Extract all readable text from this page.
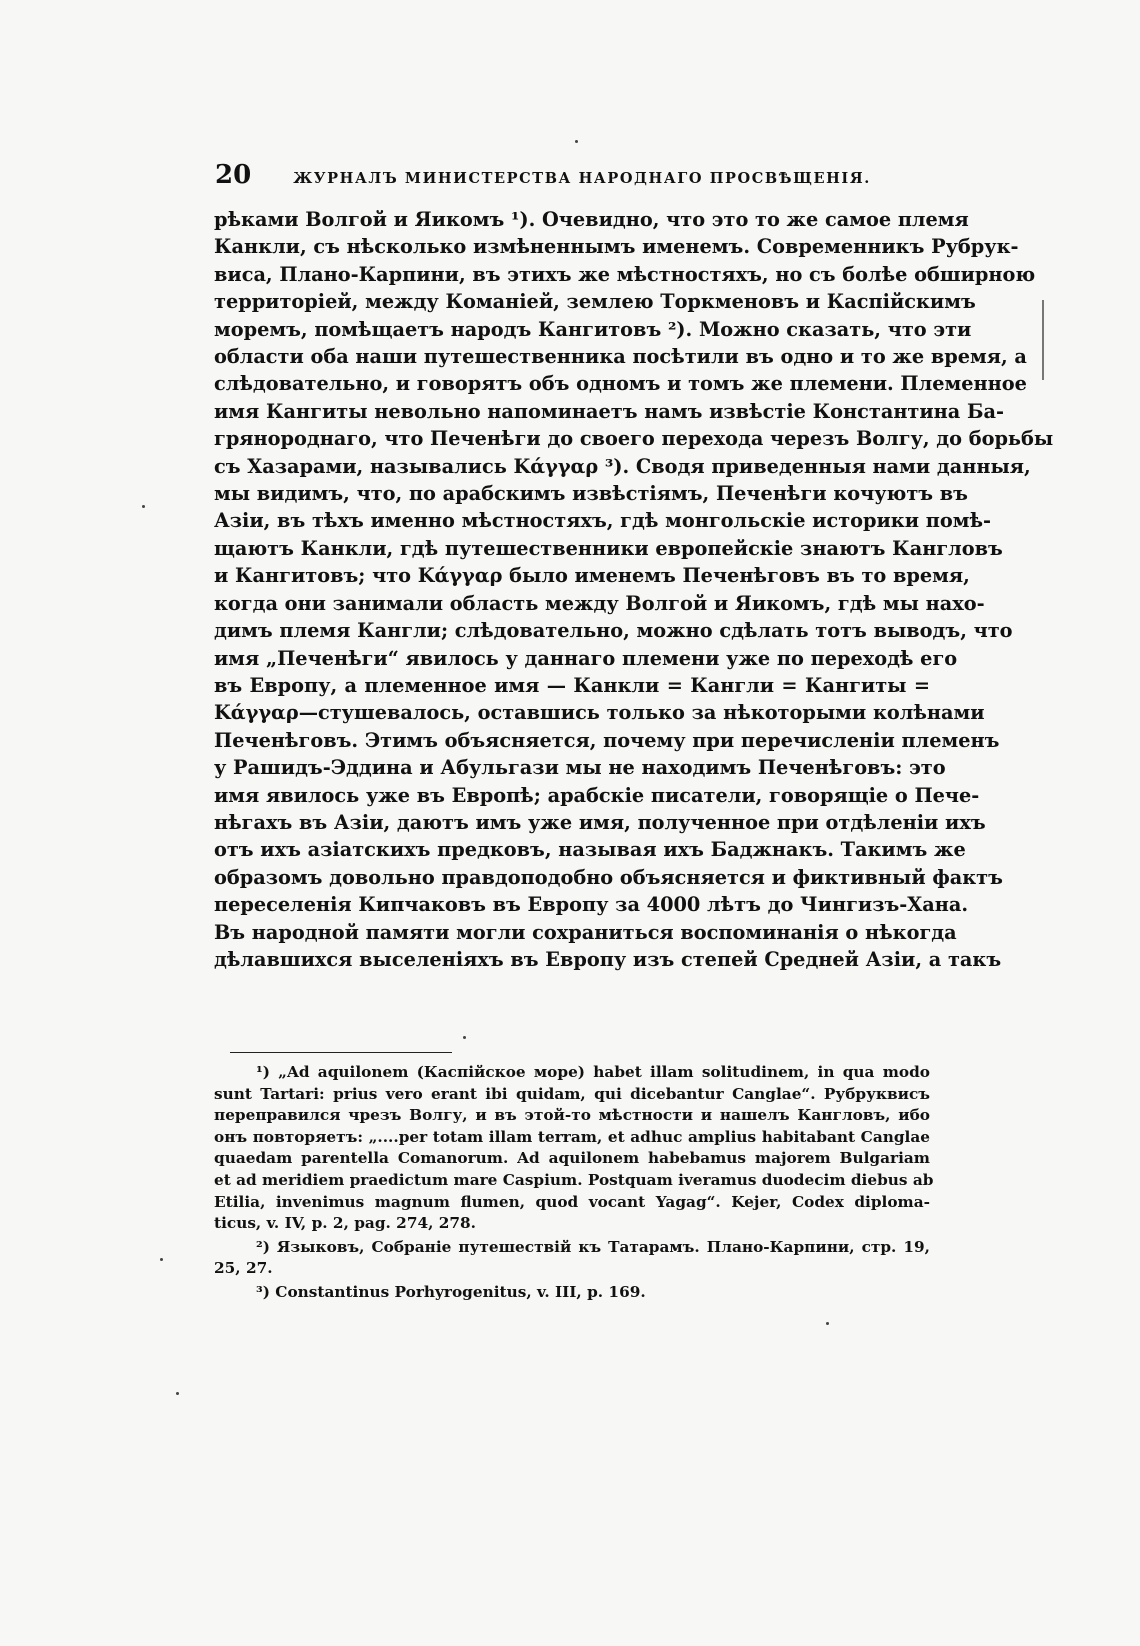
20	ЖУРНАЛЪ МИНИСТЕРСТВА НАРОДНАГО ПРОСВѢЩЕНІЯ.
рѣками Волгой и Яикомъ ¹). Очевидно, что это то же самое племя
Канкли, съ нѣсколько измѣненнымъ именемъ. Современникъ Рубрук-
виса, Плано-Карпини, въ этихъ же мѣстностяхъ, но съ болѣе обширною
территоріей, между Команіей, землею Торкменовъ и Каспійскимъ
моремъ, помѣщаетъ народъ Кангитовъ ²). Можно сказать, что эти
области оба наши путешественника посѣтили въ одно и то же время, а
слѣдовательно, и говорятъ объ одномъ и томъ же племени. Племенное
имя Кангиты невольно напоминаетъ намъ извѣстіе Константина Ба-
грянороднаго, что Печенѣги до своего перехода черезъ Волгу, до борьбы
съ Хазарами, назывались Κάγγαρ ³). Сводя приведенныя нами данныя,
мы видимъ, что, по арабскимъ извѣстіямъ, Печенѣги кочуютъ въ
Азіи, въ тѣхъ именно мѣстностяхъ, гдѣ монгольскіе историки помѣ-
щаютъ Канкли, гдѣ путешественники европейскіе знаютъ Кангловъ
и Кангитовъ; что Κάγγαρ было именемъ Печенѣговъ въ то время,
когда они занимали область между Волгой и Яикомъ, гдѣ мы нахо-
димъ племя Кангли; слѣдовательно, можно сдѣлать тотъ выводъ, что
имя „Печенѣги“ явилось у даннаго племени уже по переходѣ его
въ Европу, а племенное имя — Канкли = Кангли = Кангиты =
Κάγγαρ—стушевалось, оставшись только за нѣкоторыми колѣнами
Печенѣговъ. Этимъ объясняется, почему при перечисленіи племенъ
у Рашидъ-Эддина и Абульгази мы не находимъ Печенѣговъ: это
имя явилось уже въ Европѣ; арабскіе писатели, говорящіе о Пече-
нѣгахъ въ Азіи, даютъ имъ уже имя, полученное при отдѣленіи ихъ
отъ ихъ азіатскихъ предковъ, называя ихъ Баджнакъ. Такимъ же
образомъ довольно правдоподобно объясняется и фиктивный фактъ
переселенія Кипчаковъ въ Европу за 4000 лѣтъ до Чингизъ-Хана.
Въ народной памяти могли сохраниться воспоминанія о нѣкогда
дѣлавшихся выселеніяхъ въ Европу изъ степей Средней Азіи, а такъ
¹) „Ad aquilonem (Каспійское море) habet illam solitudinem, in qua modo
sunt Tartari: prius vero erant ibi quidam, qui dicebantur Canglae“. Рубруквисъ
переправился чрезъ Волгу, и въ этой-то мѣстности и нашелъ Кангловъ, ибо
онъ повторяетъ: „....per totam illam terram, et adhuc amplius habitabant Canglae
quaedam parentella Comanorum. Ad aquilonem habebamus majorem Bulgariam
et ad meridiem praedictum mare Caspium. Postquam iveramus duodecim diebus ab
Etilia, invenimus magnum flumen, quod vocant Yagag“. Kejer, Codex diploma-
ticus, v. IV, p. 2, pag. 274, 278.
²) Языковъ, Собраніе путешествій къ Татарамъ. Плано-Карпини, стр. 19,
25, 27.
³) Constantinus Porhyrogenitus, v. III, p. 169.
